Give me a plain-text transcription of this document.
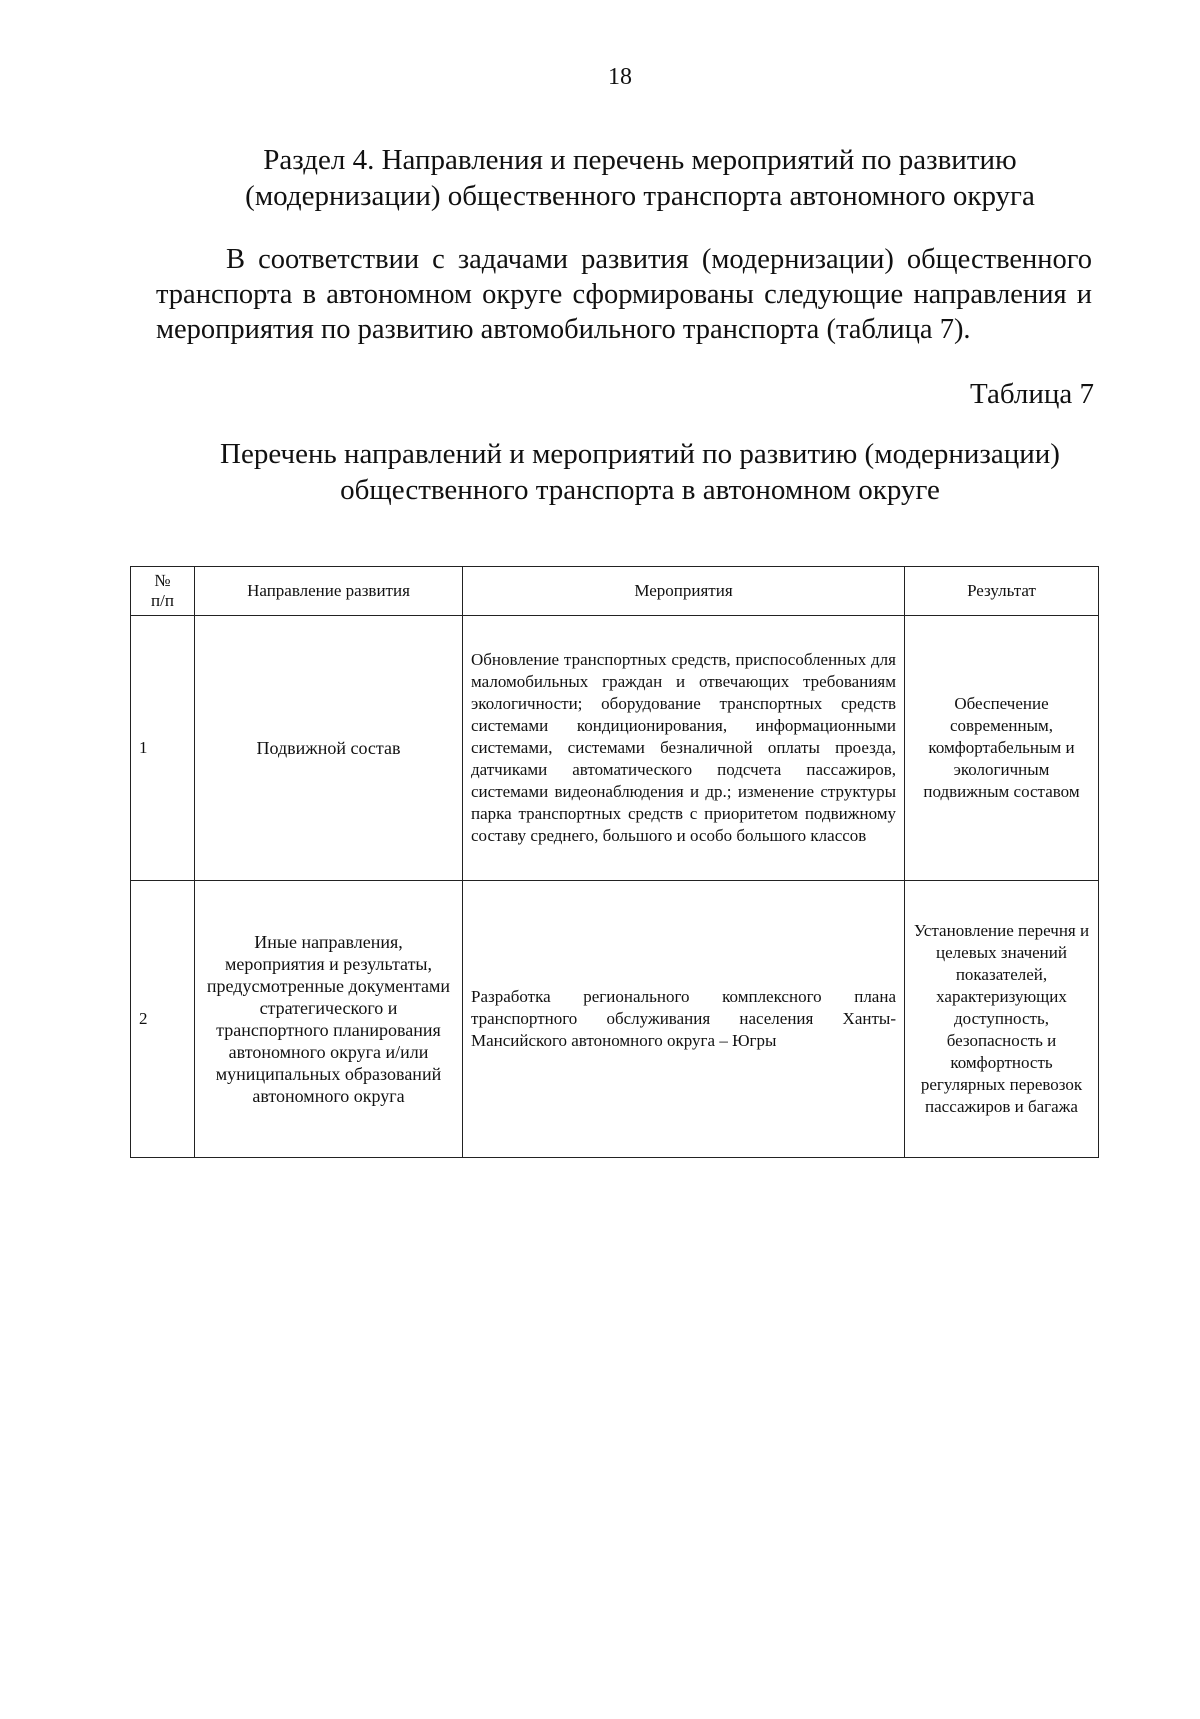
18
Раздел 4. Направления и перечень мероприятий по развитию
(модернизации) общественного транспорта автономного округа

В соответствии с задачами развития (модернизации) общественного транспорта в автономном округе сформированы следующие направления и мероприятия по развитию автомобильного транспорта (таблица 7).

Таблица 7
Перечень направлений и мероприятий по развитию (модернизации)
общественного транспорта в автономном округе
№
п/п	Направление развития	Мероприятия	Результат
1	Подвижной состав	Обновление транспортных средств, приспособленных для маломобильных граждан и отвечающих требованиям экологичности; оборудование транспортных средств системами кондиционирования, информационными системами, системами безналичной оплаты проезда, датчиками автоматического подсчета пассажиров, системами видеонаблюдения и др.; изменение структуры парка транспортных средств с приоритетом подвижному составу среднего, большого и особо большого классов	Обеспечение современным, комфортабельным и экологичным подвижным составом
2	Иные направления, мероприятия и результаты, предусмотренные документами стратегического и транспортного планирования автономного округа и/или муниципальных образований автономного округа	Разработка регионального комплексного плана транспортного обслуживания населения Ханты-Мансийского автономного округа – Югры	Установление перечня и целевых значений показателей, характеризующих доступность, безопасность и комфортность регулярных перевозок пассажиров и багажа
